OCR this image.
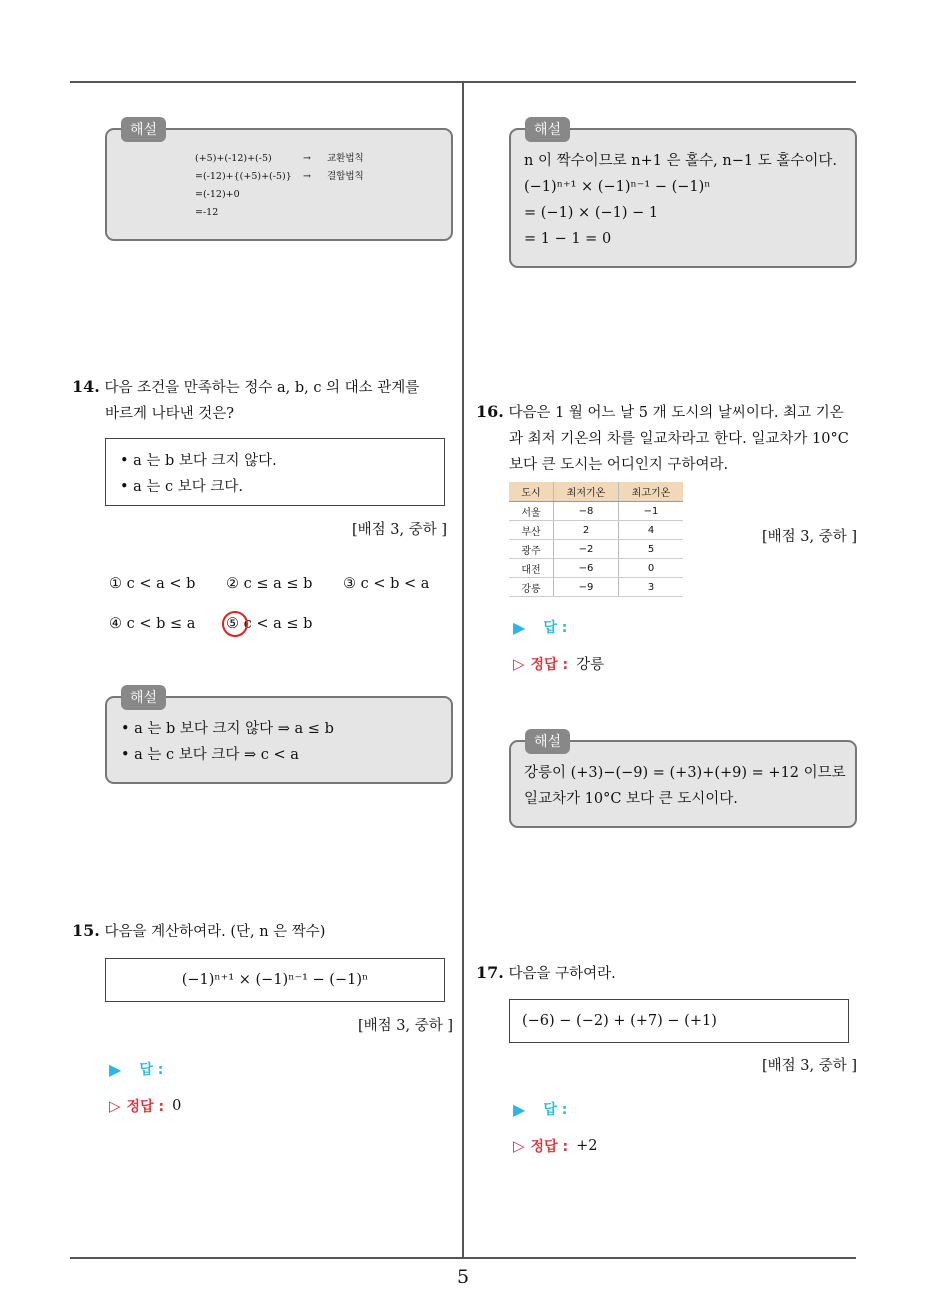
5
해설
(+5)+(-12)+(-5)	→	교환법칙
=(-12)+{(+5)+(-5)}	→	결합법칙
=(-12)+0
=-12
14. 다음 조건을 만족하는 정수 a, b, c 의 대소 관계를
바르게 나타낸 것은?
• a 는 b 보다 크지 않다.
• a 는 c 보다 크다.
[배점 3, 중하 ]
① c < a < b ② c ≤ a ≤ b ③ c < b < a
④ c < b ≤ a ⑤ c < a ≤ b
해설
• a 는 b 보다 크지 않다 ⇒ a ≤ b
• a 는 c 보다 크다 ⇒ c < a
15. 다음을 계산하여라. (단, n 은 짝수)
(−1)ⁿ⁺¹ × (−1)ⁿ⁻¹ − (−1)ⁿ
[배점 3, 중하 ]
▶ 답 :
▷ 정답 : 0
해설
n 이 짝수이므로 n+1 은 홀수, n−1 도 홀수이다.
(−1)ⁿ⁺¹ × (−1)ⁿ⁻¹ − (−1)ⁿ
= (−1) × (−1) − 1
= 1 − 1 = 0
16. 다음은 1 월 어느 날 5 개 도시의 날씨이다. 최고 기온
과 최저 기온의 차를 일교차라고 한다. 일교차가 10°C
보다 큰 도시는 어디인지 구하여라.
도시	최저기온	최고기온
서울	−8	−1
부산	2	4
광주	−2	5
대전	−6	0
강릉	−9	3
[배점 3, 중하 ]
▶ 답 :
▷ 정답 : 강릉
해설
강릉이 (+3)−(−9) = (+3)+(+9) = +12 이므로
일교차가 10°C 보다 큰 도시이다.
17. 다음을 구하여라.
(−6) − (−2) + (+7) − (+1)
[배점 3, 중하 ]
▶ 답 :
▷ 정답 : +2
